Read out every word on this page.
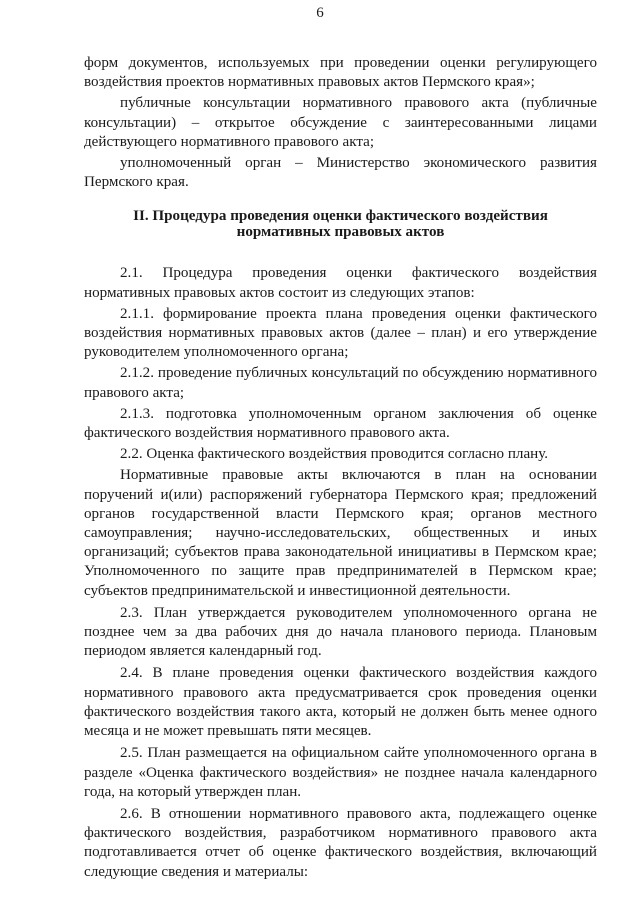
6

форм документов, используемых при проведении оценки регулирующего воздействия проектов нормативных правовых актов Пермского края»;

публичные консультации нормативного правового акта (публичные консультации) – открытое обсуждение с заинтересованными лицами действующего нормативного правового акта;

уполномоченный орган – Министерство экономического развития Пермского края.

II. Процедура проведения оценки фактического воздействия
нормативных правовых актов

2.1. Процедура проведения оценки фактического воздействия нормативных правовых актов состоит из следующих этапов:

2.1.1. формирование проекта плана проведения оценки фактического воздействия нормативных правовых актов (далее – план) и его утверждение руководителем уполномоченного органа;

2.1.2. проведение публичных консультаций по обсуждению нормативного правового акта;

2.1.3. подготовка уполномоченным органом заключения об оценке фактического воздействия нормативного правового акта.

2.2. Оценка фактического воздействия проводится согласно плану.

Нормативные правовые акты включаются в план на основании поручений и(или) распоряжений губернатора Пермского края; предложений органов государственной власти Пермского края; органов местного самоуправления; научно-исследовательских, общественных и иных организаций; субъектов права законодательной инициативы в Пермском крае; Уполномоченного по защите прав предпринимателей в Пермском крае; субъектов предпринимательской и инвестиционной деятельности.

2.3. План утверждается руководителем уполномоченного органа не позднее чем за два рабочих дня до начала планового периода. Плановым периодом является календарный год.

2.4. В плане проведения оценки фактического воздействия каждого нормативного правового акта предусматривается срок проведения оценки фактического воздействия такого акта, который не должен быть менее одного месяца и не может превышать пяти месяцев.

2.5. План размещается на официальном сайте уполномоченного органа в разделе «Оценка фактического воздействия» не позднее начала календарного года, на который утвержден план.

2.6. В отношении нормативного правового акта, подлежащего оценке фактического воздействия, разработчиком нормативного правового акта подготавливается отчет об оценке фактического воздействия, включающий следующие сведения и материалы:
